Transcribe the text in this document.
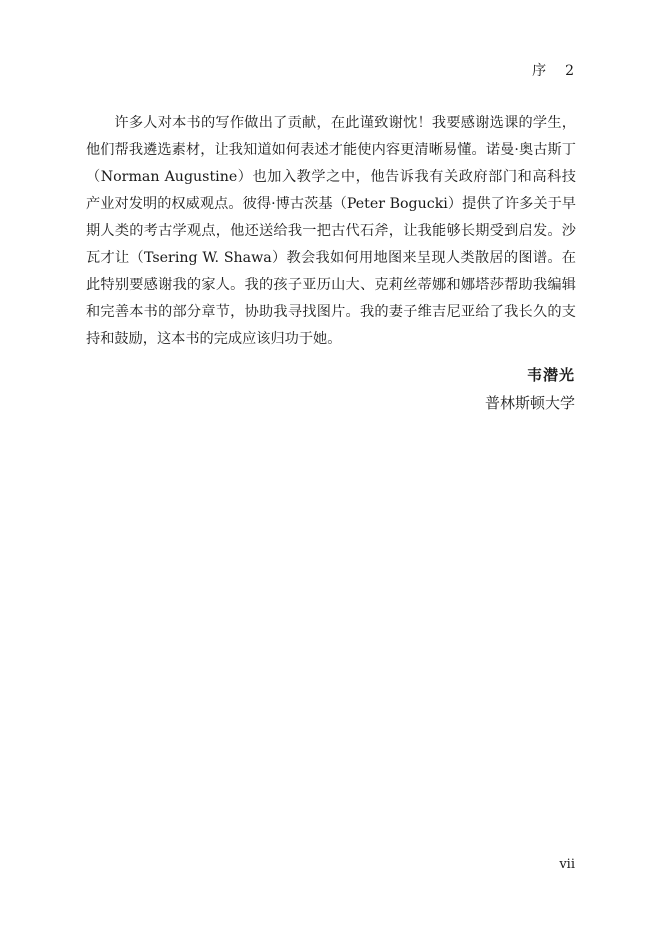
序 2

许多人对本书的写作做出了贡献，在此谨致谢忱！我要感谢选课的学生，他们帮我遴选素材，让我知道如何表述才能使内容更清晰易懂。诺曼·奥古斯丁（Norman Augustine）也加入教学之中，他告诉我有关政府部门和高科技产业对发明的权威观点。彼得·博古茨基（Peter Bogucki）提供了许多关于早期人类的考古学观点，他还送给我一把古代石斧，让我能够长期受到启发。沙瓦才让（Tsering W. Shawa）教会我如何用地图来呈现人类散居的图谱。在此特别要感谢我的家人。我的孩子亚历山大、克莉丝蒂娜和娜塔莎帮助我编辑和完善本书的部分章节，协助我寻找图片。我的妻子维吉尼亚给了我长久的支持和鼓励，这本书的完成应该归功于她。

韦潜光
普林斯顿大学
vii
